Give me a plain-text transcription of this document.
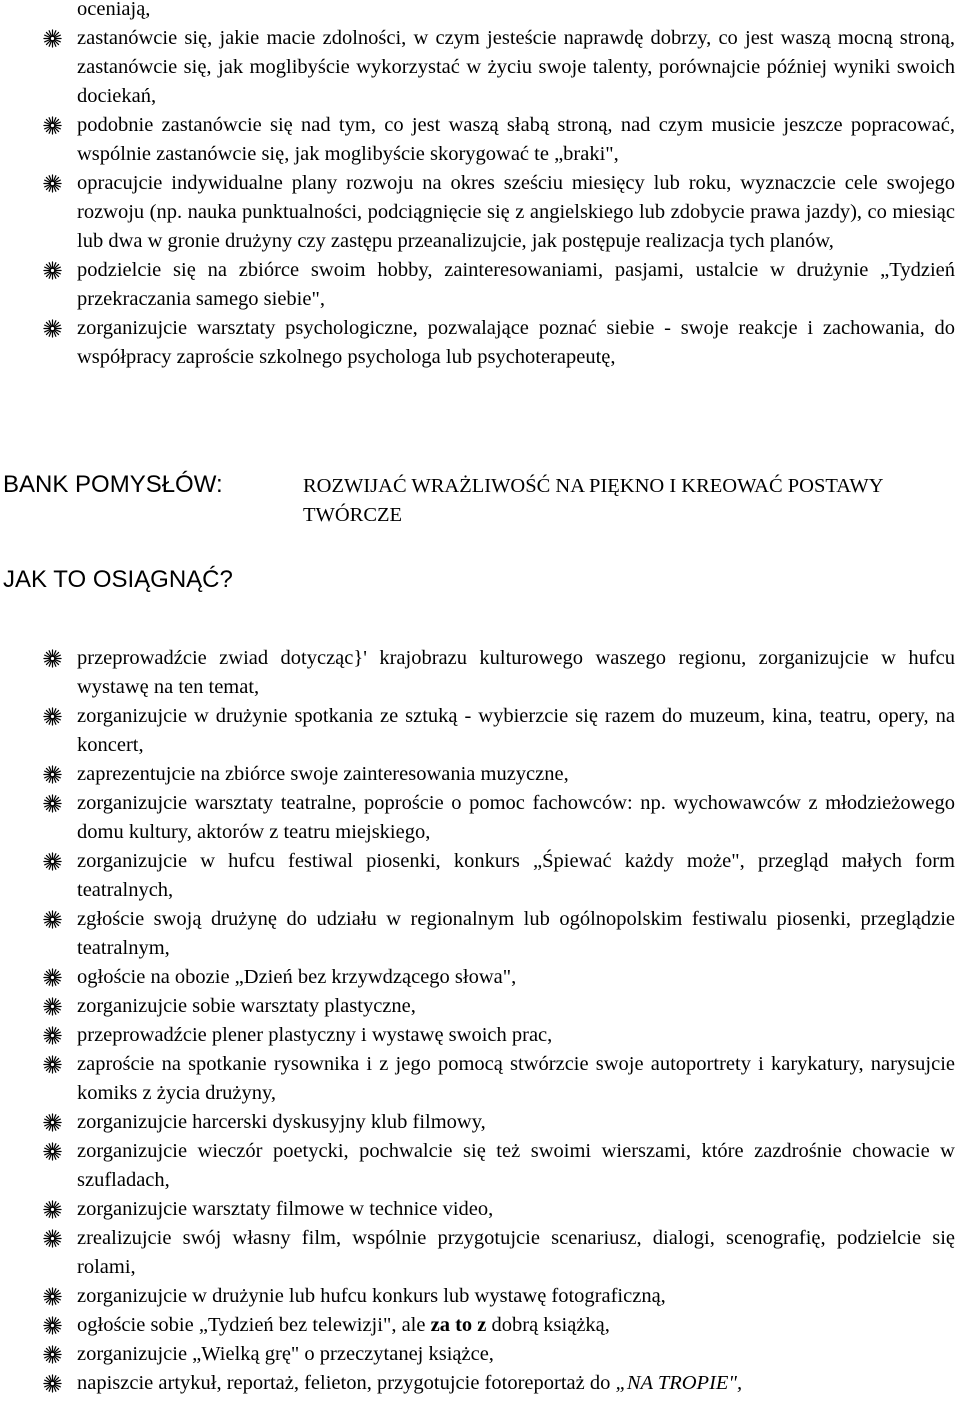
oceniają,
zastanówcie się, jakie macie zdolności, w czym jesteście naprawdę dobrzy, co jest waszą mocną stroną, zastanówcie się, jak moglibyście wykorzystać w życiu swoje talenty, porównajcie później wyniki swoich dociekań,
podobnie zastanówcie się nad tym, co jest waszą słabą stroną, nad czym musicie jeszcze popracować, wspólnie zastanówcie się, jak moglibyście skorygować te „braki",
opracujcie indywidualne plany rozwoju na okres sześciu miesięcy lub roku, wyznaczcie cele swojego rozwoju (np. nauka punktualności, podciągnięcie się z angielskiego lub zdobycie prawa jazdy), co miesiąc lub dwa w gronie drużyny czy zastępu przeanalizujcie, jak postępuje realizacja tych planów,
podzielcie się na zbiórce swoim hobby, zainteresowaniami, pasjami, ustalcie w drużynie „Tydzień przekraczania samego siebie",
zorganizujcie warsztaty psychologiczne, pozwalające poznać siebie - swoje reakcje i zachowania, do współpracy zaproście szkolnego psychologa lub psychoterapeutę,
BANK POMYSŁÓW:	ROZWIJAĆ WRAŻLIWOŚĆ NA PIĘKNO I KREOWAĆ POSTAWY TWÓRCZE
JAK TO OSIĄGNĄĆ?
przeprowadźcie zwiad dotycząc}' krajobrazu kulturowego waszego regionu, zorganizujcie w hufcu wystawę na ten temat,
zorganizujcie w drużynie spotkania ze sztuką - wybierzcie się razem do muzeum, kina, teatru, opery, na koncert,
zaprezentujcie na zbiórce swoje zainteresowania muzyczne,
zorganizujcie warsztaty teatralne, poproście o pomoc fachowców: np. wychowawców z młodzieżowego domu kultury, aktorów z teatru miejskiego,
zorganizujcie w hufcu festiwal piosenki, konkurs „Śpiewać każdy może", przegląd małych form teatralnych,
zgłoście swoją drużynę do udziału w regionalnym lub ogólnopolskim festiwalu piosenki, przeglądzie teatralnym,
ogłoście na obozie „Dzień bez krzywdzącego słowa",
zorganizujcie sobie warsztaty plastyczne,
przeprowadźcie plener plastyczny i wystawę swoich prac,
zaproście na spotkanie rysownika i z jego pomocą stwórzcie swoje autoportrety i karykatury, narysujcie komiks z życia drużyny,
zorganizujcie harcerski dyskusyjny klub filmowy,
zorganizujcie wieczór poetycki, pochwalcie się też swoimi wierszami, które zazdrośnie chowacie w szufladach,
zorganizujcie warsztaty filmowe w technice video,
zrealizujcie swój własny film, wspólnie przygotujcie scenariusz, dialogi, scenografię, podzielcie się rolami,
zorganizujcie w drużynie lub hufcu konkurs lub wystawę fotograficzną,
ogłoście sobie „Tydzień bez telewizji", ale za to z dobrą książką,
zorganizujcie „Wielką grę" o przeczytanej książce,
napiszcie artykuł, reportaż, felieton, przygotujcie fotoreportaż do „NA TROPIE",
